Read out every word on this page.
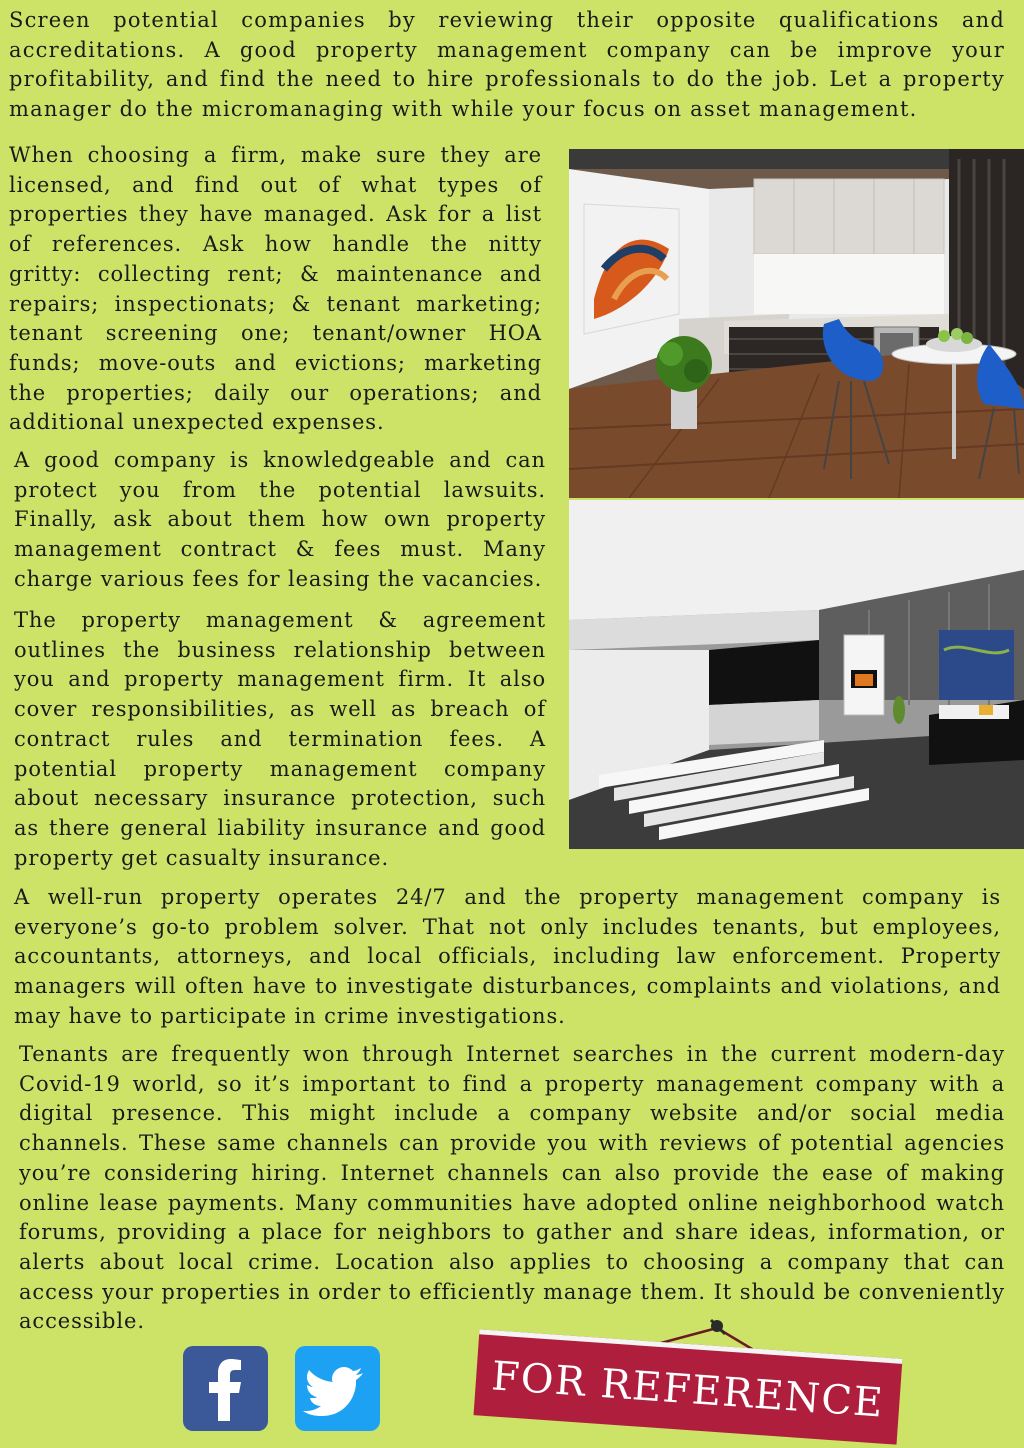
Screen potential companies by reviewing their opposite qualifications and accreditations. A good property management company can be improve your profitability, and find the need to hire professionals to do the job. Let a property manager do the micromanaging with while your focus on asset management.

When choosing a firm, make sure they are licensed, and find out of what types of properties they have managed. Ask for a list of references. Ask how handle the nitty gritty: collecting rent; & maintenance and repairs; inspectionats; & tenant marketing; tenant screening one; tenant/owner HOA funds; move-outs and evictions; marketing the properties; daily our operations; and additional unexpected expenses.

A good company is knowledgeable and can protect you from the potential lawsuits. Finally, ask about them how own property management contract & fees must. Many charge various fees for leasing the vacancies.

The property management & agreement outlines the business relationship between you and property management firm. It also cover responsibilities, as well as breach of contract rules and termination fees. A potential property management company about necessary insurance protection, such as there general liability insurance and good property get casualty insurance.

A well-run property operates 24/7 and the property management company is everyone’s go-to problem solver. That not only includes tenants, but employees, accountants, attorneys, and local officials, including law enforcement. Property managers will often have to investigate disturbances, complaints and violations, and may have to participate in crime investigations.

Tenants are frequently won through Internet searches in the current modern-day Covid-19 world, so it’s important to find a property management company with a digital presence. This might include a company website and/or social media channels. These same channels can provide you with reviews of potential agencies you’re considering hiring. Internet channels can also provide the ease of making online lease payments. Many communities have adopted online neighborhood watch forums, providing a place for neighbors to gather and share ideas, information, or alerts about local crime. Location also applies to choosing a company that can access your properties in order to efficiently manage them. It should be conveniently accessible.

FOR REFERENCE
